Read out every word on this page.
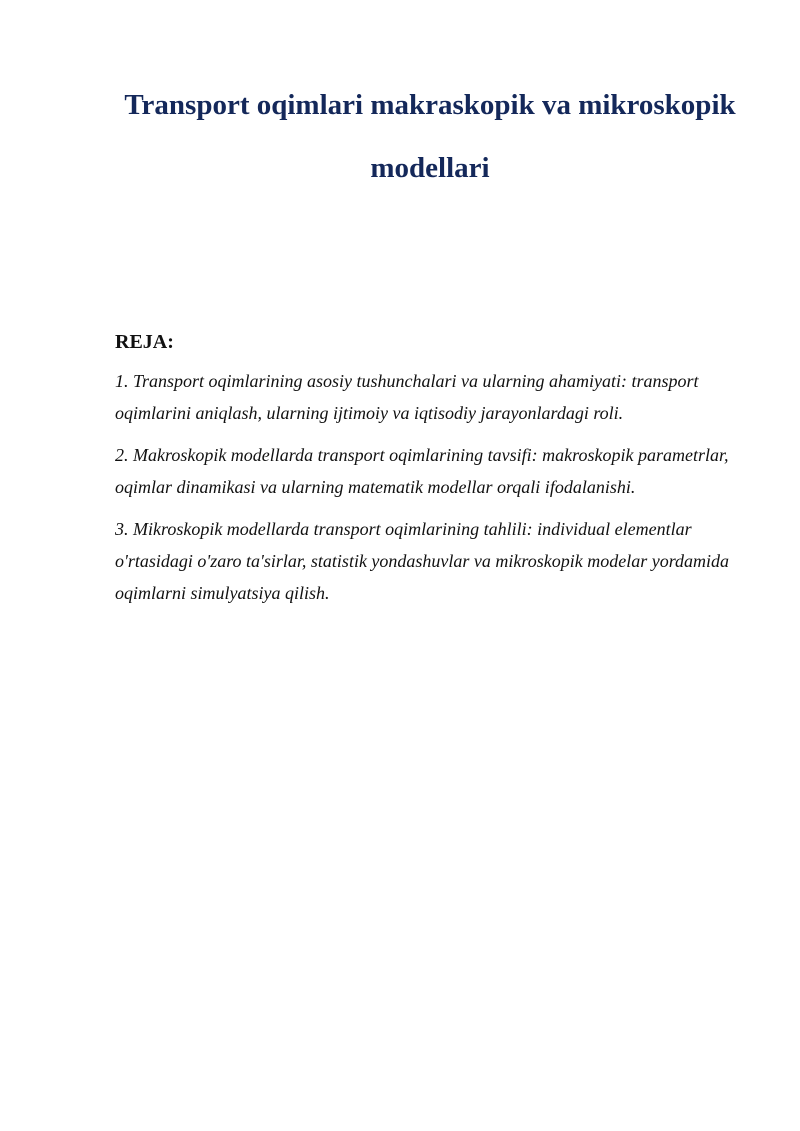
Transport oqimlari makraskopik va mikroskopik modellari
REJA:
1. Transport oqimlarining asosiy tushunchalari va ularning ahamiyati: transport oqimlarini aniqlash, ularning ijtimoiy va iqtisodiy jarayonlardagi roli.
2. Makroskopik modellarda transport oqimlarining tavsifi: makroskopik parametrlar, oqimlar dinamikasi va ularning matematik modellar orqali ifodalanishi.
3. Mikroskopik modellarda transport oqimlarining tahlili: individual elementlar o'rtasidagi o'zaro ta'sirlar, statistik yondashuvlar va mikroskopik modelar yordamida oqimlarni simulyatsiya qilish.
